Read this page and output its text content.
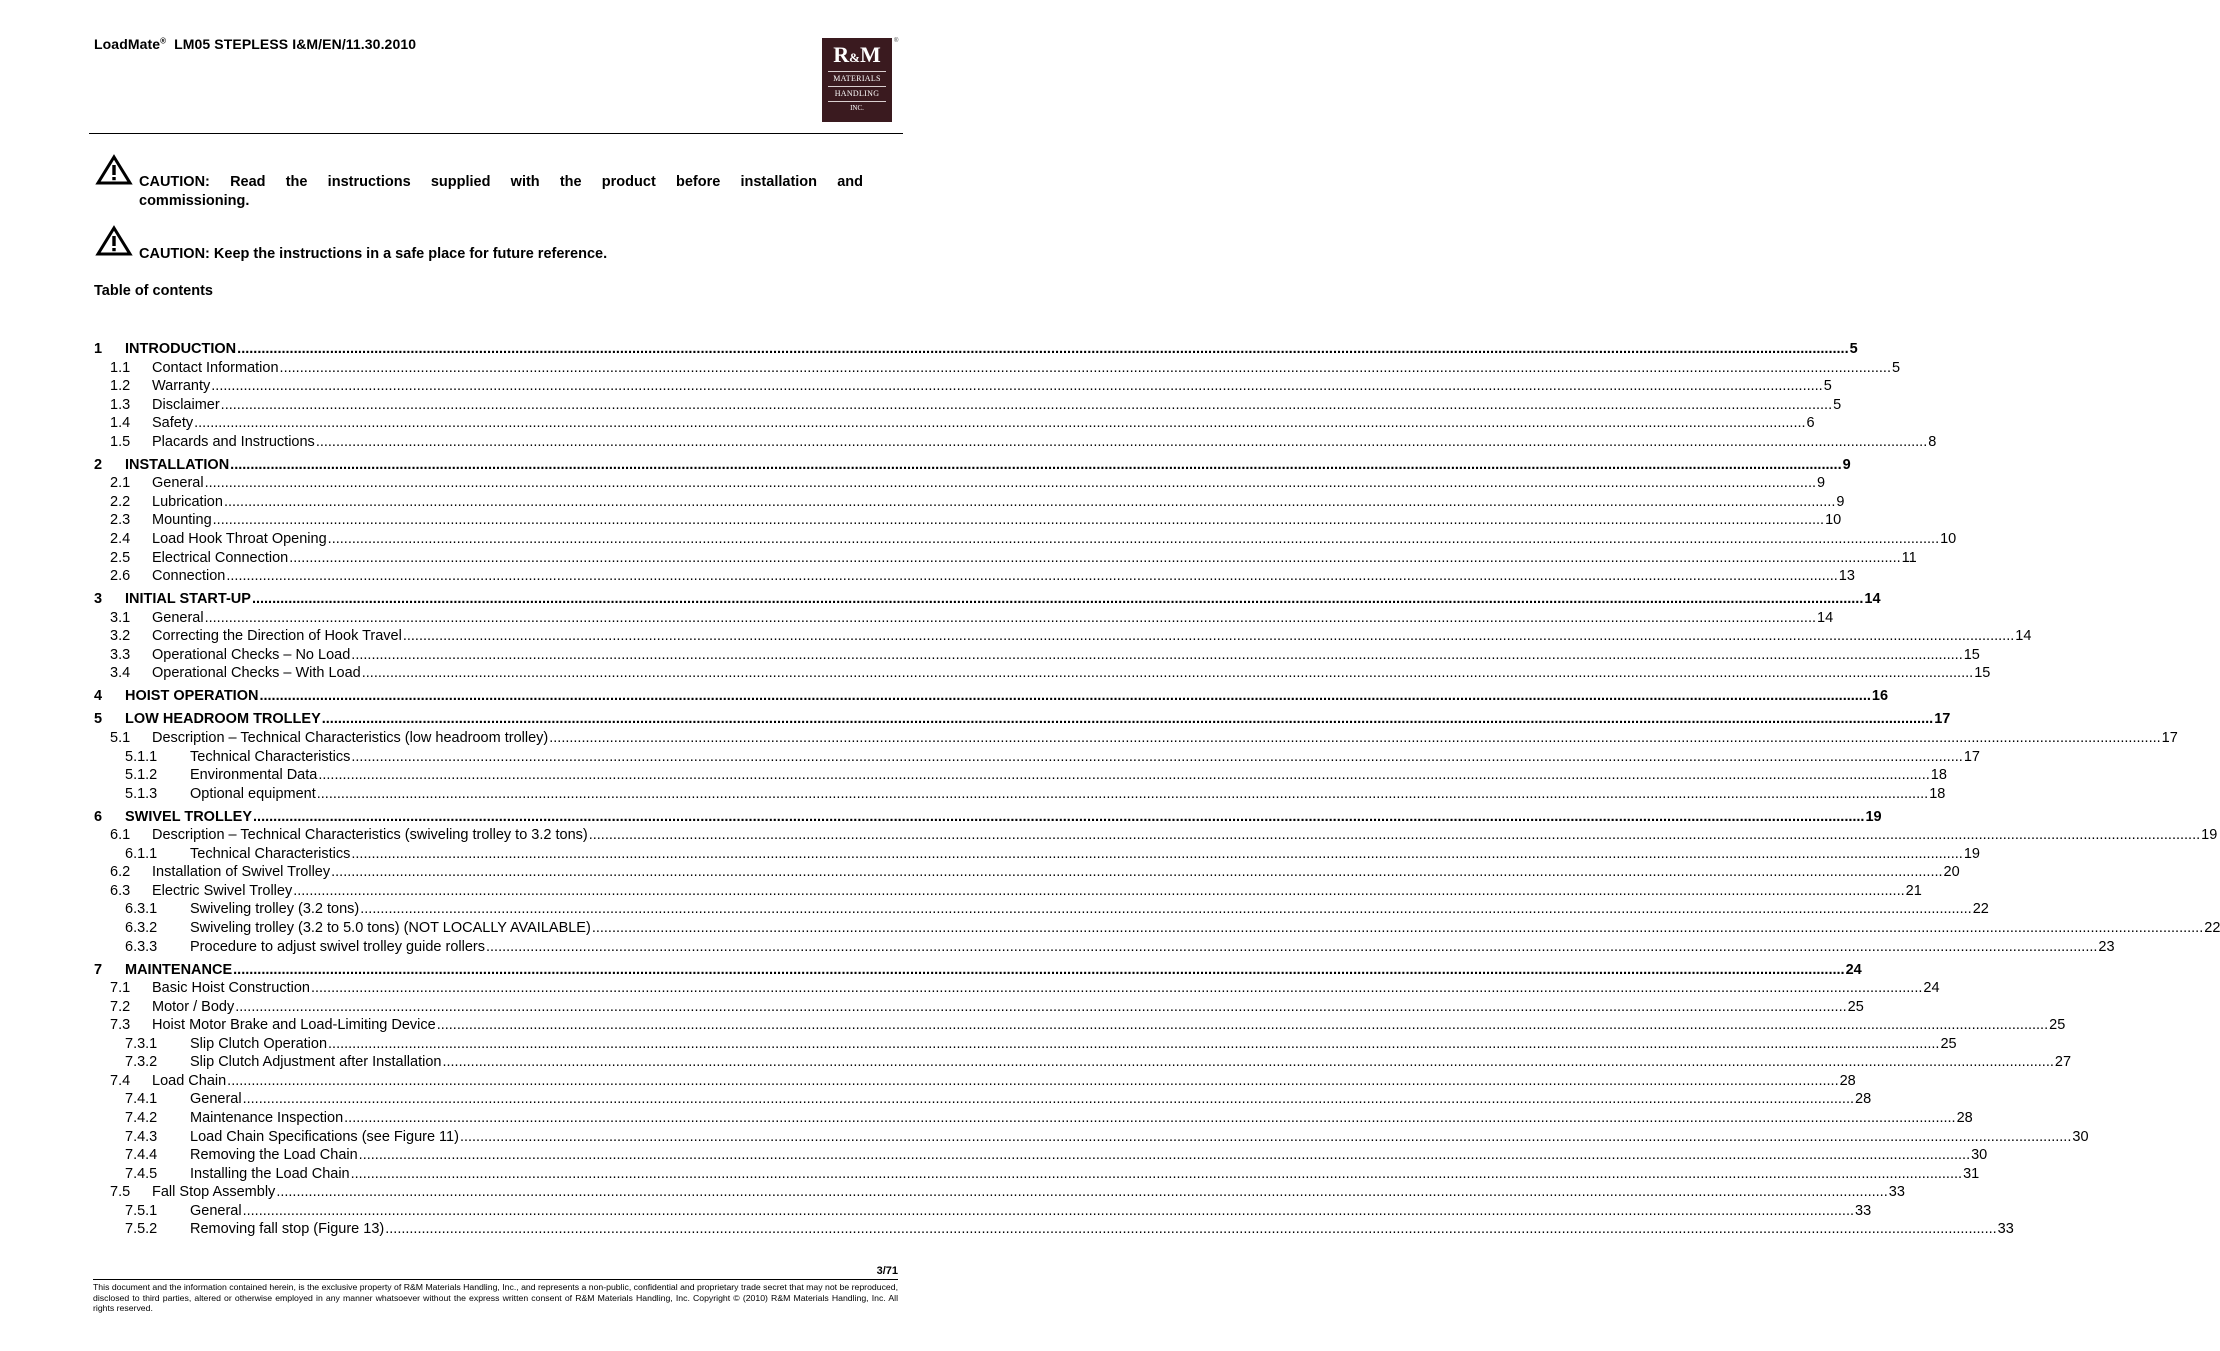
LoadMate®  LM05 STEPLESS I&M/EN/11.30.2010	R&M
MATERIALS
HANDLING
INC.
®
CAUTION: Read the instructions supplied with the product before installation and
commissioning.
CAUTION: Keep the instructions in a safe place for future reference.
Table of contents
1	INTRODUCTION ................................................................................................................................................................................................................................................................................................................................................................................................................ 5
1.1	Contact Information ................................................................................................................................................................................................................................................................................................................................................................................................................ 5
1.2	Warranty ................................................................................................................................................................................................................................................................................................................................................................................................................ 5
1.3	Disclaimer ................................................................................................................................................................................................................................................................................................................................................................................................................ 5
1.4	Safety ................................................................................................................................................................................................................................................................................................................................................................................................................ 6
1.5	Placards and Instructions ................................................................................................................................................................................................................................................................................................................................................................................................................ 8
2	INSTALLATION ................................................................................................................................................................................................................................................................................................................................................................................................................ 9
2.1	General ................................................................................................................................................................................................................................................................................................................................................................................................................ 9
2.2	Lubrication ................................................................................................................................................................................................................................................................................................................................................................................................................ 9
2.3	Mounting ................................................................................................................................................................................................................................................................................................................................................................................................................ 10
2.4	Load Hook Throat Opening ................................................................................................................................................................................................................................................................................................................................................................................................................ 10
2.5	Electrical Connection ................................................................................................................................................................................................................................................................................................................................................................................................................ 11
2.6	Connection ................................................................................................................................................................................................................................................................................................................................................................................................................ 13
3	INITIAL START-UP ................................................................................................................................................................................................................................................................................................................................................................................................................ 14
3.1	General ................................................................................................................................................................................................................................................................................................................................................................................................................ 14
3.2	Correcting the Direction of Hook Travel ................................................................................................................................................................................................................................................................................................................................................................................................................ 14
3.3	Operational Checks – No Load ................................................................................................................................................................................................................................................................................................................................................................................................................ 15
3.4	Operational Checks – With Load ................................................................................................................................................................................................................................................................................................................................................................................................................ 15
4	HOIST OPERATION ................................................................................................................................................................................................................................................................................................................................................................................................................ 16
5	LOW HEADROOM TROLLEY ................................................................................................................................................................................................................................................................................................................................................................................................................ 17
5.1	Description – Technical Characteristics (low headroom trolley) ................................................................................................................................................................................................................................................................................................................................................................................................................ 17
5.1.1	Technical Characteristics ................................................................................................................................................................................................................................................................................................................................................................................................................ 17
5.1.2	Environmental Data ................................................................................................................................................................................................................................................................................................................................................................................................................ 18
5.1.3	Optional equipment ................................................................................................................................................................................................................................................................................................................................................................................................................ 18
6	SWIVEL TROLLEY ................................................................................................................................................................................................................................................................................................................................................................................................................ 19
6.1	Description – Technical Characteristics (swiveling trolley to 3.2 tons) ................................................................................................................................................................................................................................................................................................................................................................................................................ 19
6.1.1	Technical Characteristics ................................................................................................................................................................................................................................................................................................................................................................................................................ 19
6.2	Installation of Swivel Trolley ................................................................................................................................................................................................................................................................................................................................................................................................................ 20
6.3	Electric Swivel Trolley ................................................................................................................................................................................................................................................................................................................................................................................................................ 21
6.3.1	Swiveling trolley (3.2 tons) ................................................................................................................................................................................................................................................................................................................................................................................................................ 22
6.3.2	Swiveling trolley (3.2 to 5.0 tons) (NOT LOCALLY AVAILABLE) ................................................................................................................................................................................................................................................................................................................................................................................................................ 22
6.3.3	Procedure to adjust swivel trolley guide rollers ................................................................................................................................................................................................................................................................................................................................................................................................................ 23
7	MAINTENANCE ................................................................................................................................................................................................................................................................................................................................................................................................................ 24
7.1	Basic Hoist Construction ................................................................................................................................................................................................................................................................................................................................................................................................................ 24
7.2	Motor / Body ................................................................................................................................................................................................................................................................................................................................................................................................................ 25
7.3	Hoist Motor Brake and Load-Limiting Device ................................................................................................................................................................................................................................................................................................................................................................................................................ 25
7.3.1	Slip Clutch Operation ................................................................................................................................................................................................................................................................................................................................................................................................................ 25
7.3.2	Slip Clutch Adjustment after Installation ................................................................................................................................................................................................................................................................................................................................................................................................................ 27
7.4	Load Chain ................................................................................................................................................................................................................................................................................................................................................................................................................ 28
7.4.1	General ................................................................................................................................................................................................................................................................................................................................................................................................................ 28
7.4.2	Maintenance Inspection ................................................................................................................................................................................................................................................................................................................................................................................................................ 28
7.4.3	Load Chain Specifications (see Figure 11) ................................................................................................................................................................................................................................................................................................................................................................................................................ 30
7.4.4	Removing the Load Chain ................................................................................................................................................................................................................................................................................................................................................................................................................ 30
7.4.5	Installing the Load Chain ................................................................................................................................................................................................................................................................................................................................................................................................................ 31
7.5	Fall Stop Assembly ................................................................................................................................................................................................................................................................................................................................................................................................................ 33
7.5.1	General ................................................................................................................................................................................................................................................................................................................................................................................................................ 33
7.5.2	Removing fall stop (Figure 13) ................................................................................................................................................................................................................................................................................................................................................................................................................ 33
3/71
This document and the information contained herein, is the exclusive property of R&M Materials Handling, Inc., and represents a non-public, confidential and proprietary trade secret that may not be reproduced, disclosed to third parties, altered or otherwise employed in any manner whatsoever without the express written consent of R&M Materials Handling, Inc. Copyright © (2010) R&M Materials Handling, Inc. All rights reserved.
